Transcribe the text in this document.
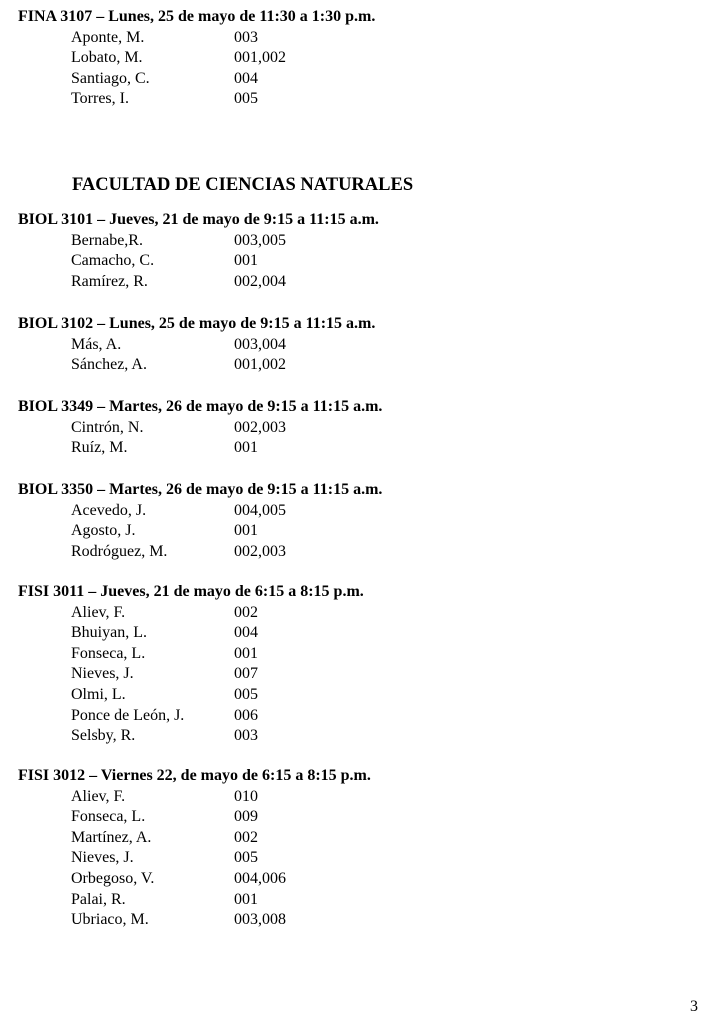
FINA 3107 – Lunes, 25 de mayo de 11:30 a 1:30 p.m.
Aponte, M.	003
Lobato, M.	001,002
Santiago, C.	004
Torres, I.	005
FACULTAD DE CIENCIAS NATURALES
BIOL 3101 – Jueves, 21 de mayo de 9:15 a 11:15 a.m.
Bernabe,R.	003,005
Camacho, C.	001
Ramírez, R.	002,004
BIOL 3102 – Lunes, 25 de mayo de 9:15 a 11:15 a.m.
Más, A.	003,004
Sánchez, A.	001,002
BIOL 3349 – Martes, 26 de mayo de 9:15 a 11:15 a.m.
Cintrón, N.	002,003
Ruíz, M.	001
BIOL 3350 – Martes, 26 de mayo de 9:15 a 11:15 a.m.
Acevedo, J.	004,005
Agosto, J.	001
Rodróguez, M.	002,003
FISI 3011 – Jueves, 21 de mayo de 6:15 a 8:15 p.m.
Aliev, F.	002
Bhuiyan, L.	004
Fonseca, L.	001
Nieves, J.	007
Olmi, L.	005
Ponce de León, J.	006
Selsby, R.	003
FISI 3012 – Viernes 22, de mayo de 6:15 a 8:15 p.m.
Aliev, F.	010
Fonseca, L.	009
Martínez, A.	002
Nieves, J.	005
Orbegoso, V.	004,006
Palai, R.	001
Ubriaco, M.	003,008
3
